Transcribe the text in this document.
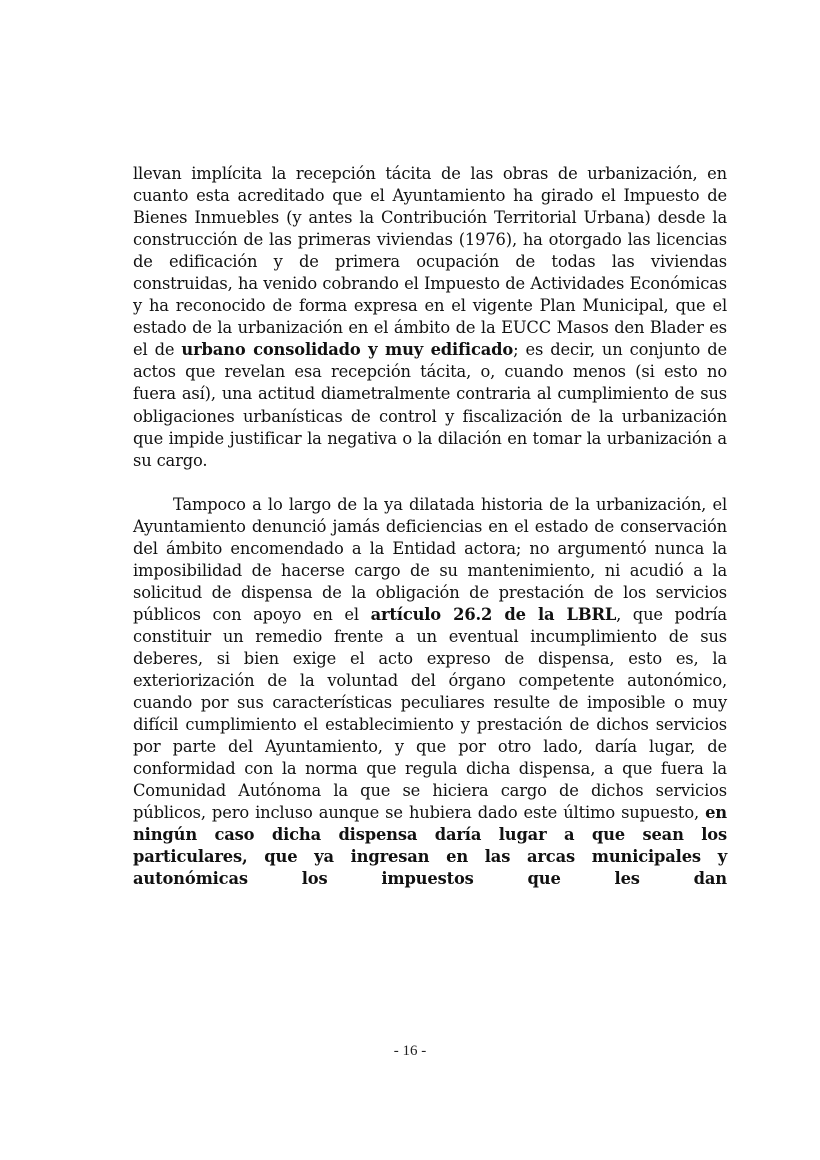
llevan implícita la recepción tácita de las obras de urbanización, en cuanto esta acreditado que el Ayuntamiento ha girado el Impuesto de Bienes Inmuebles (y antes la Contribución Territorial Urbana) desde la construcción de las primeras viviendas (1976), ha otorgado las licencias de edificación y de primera ocupación de todas las viviendas construidas, ha venido cobrando el Impuesto de Actividades Económicas y ha reconocido de forma expresa en el vigente Plan Municipal, que el estado de la urbanización en el ámbito de la EUCC Masos den Blader es el de urbano consolidado y muy edificado; es decir, un conjunto de actos que revelan esa recepción tácita, o, cuando menos (si esto no fuera así), una actitud diametralmente contraria al cumplimiento de sus obligaciones urbanísticas de control y fiscalización de la urbanización que impide justificar la negativa o la dilación en tomar la urbanización a su cargo.

Tampoco a lo largo de la ya dilatada historia de la urbanización, el Ayuntamiento denunció jamás deficiencias en el estado de conservación del ámbito encomendado a la Entidad actora; no argumentó nunca la imposibilidad de hacerse cargo de su mantenimiento, ni acudió a la solicitud de dispensa de la obligación de prestación de los servicios públicos con apoyo en el artículo 26.2 de la LBRL, que podría constituir un remedio frente a un eventual incumplimiento de sus deberes, si bien exige el acto expreso de dispensa, esto es, la exteriorización de la voluntad del órgano competente autonómico, cuando por sus características peculiares resulte de imposible o muy difícil cumplimiento el establecimiento y prestación de dichos servicios por parte del Ayuntamiento, y que por otro lado, daría lugar, de conformidad con la norma que regula dicha dispensa, a que fuera la Comunidad Autónoma la que se hiciera cargo de dichos servicios públicos, pero incluso aunque se hubiera dado este último supuesto, en ningún caso dicha dispensa daría lugar a que sean los particulares, que ya ingresan en las arcas municipales y autonómicas los impuestos que les dan

- 16 -
